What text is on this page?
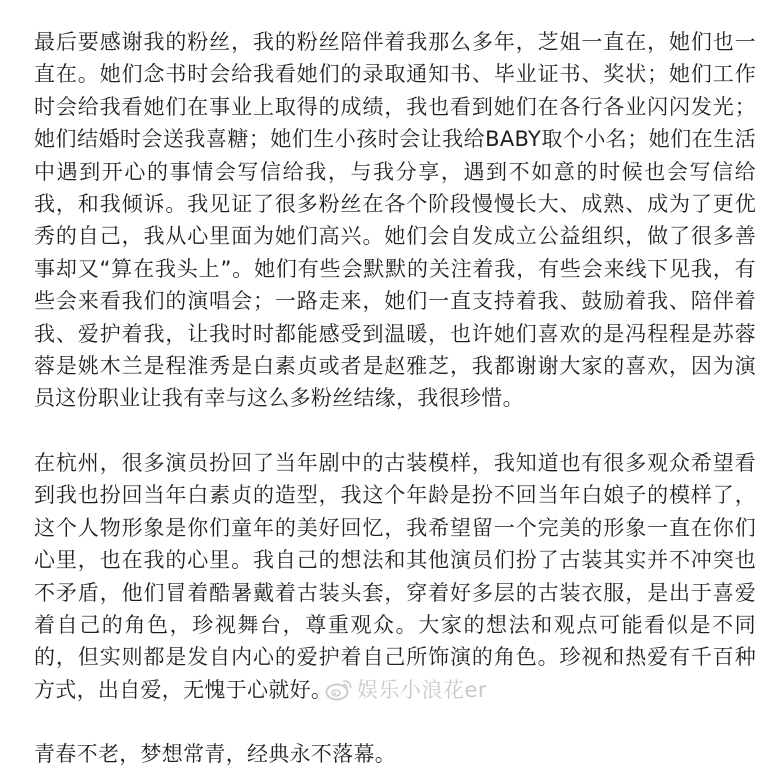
最后要感谢我的粉丝，我的粉丝陪伴着我那么多年，芝姐一直在，她们也一直在。她们念书时会给我看她们的录取通知书、毕业证书、奖状；她们工作时会给我看她们在事业上取得的成绩，我也看到她们在各行各业闪闪发光；她们结婚时会送我喜糖；她们生小孩时会让我给BABY取个小名；她们在生活中遇到开心的事情会写信给我，与我分享，遇到不如意的时候也会写信给我，和我倾诉。我见证了很多粉丝在各个阶段慢慢长大、成熟、成为了更优秀的自己，我从心里面为她们高兴。她们会自发成立公益组织，做了很多善事却又“算在我头上”。她们有些会默默的关注着我，有些会来线下见我，有些会来看我们的演唱会；一路走来，她们一直支持着我、鼓励着我、陪伴着我、爱护着我，让我时时都能感受到温暖，也许她们喜欢的是冯程程是苏蓉蓉是姚木兰是程淮秀是白素贞或者是赵雅芝，我都谢谢大家的喜欢，因为演员这份职业让我有幸与这么多粉丝结缘，我很珍惜。

在杭州，很多演员扮回了当年剧中的古装模样，我知道也有很多观众希望看到我也扮回当年白素贞的造型，我这个年龄是扮不回当年白娘子的模样了，这个人物形象是你们童年的美好回忆，我希望留一个完美的形象一直在你们心里，也在我的心里。我自己的想法和其他演员们扮了古装其实并不冲突也不矛盾，他们冒着酷暑戴着古装头套，穿着好多层的古装衣服，是出于喜爱着自己的角色，珍视舞台，尊重观众。大家的想法和观点可能看似是不同的，但实则都是发自内心的爱护着自己所饰演的角色。珍视和热爱有千百种方式，出自爱，无愧于心就好。

青春不老，梦想常青，经典永不落幕。

娱乐小浪花er
